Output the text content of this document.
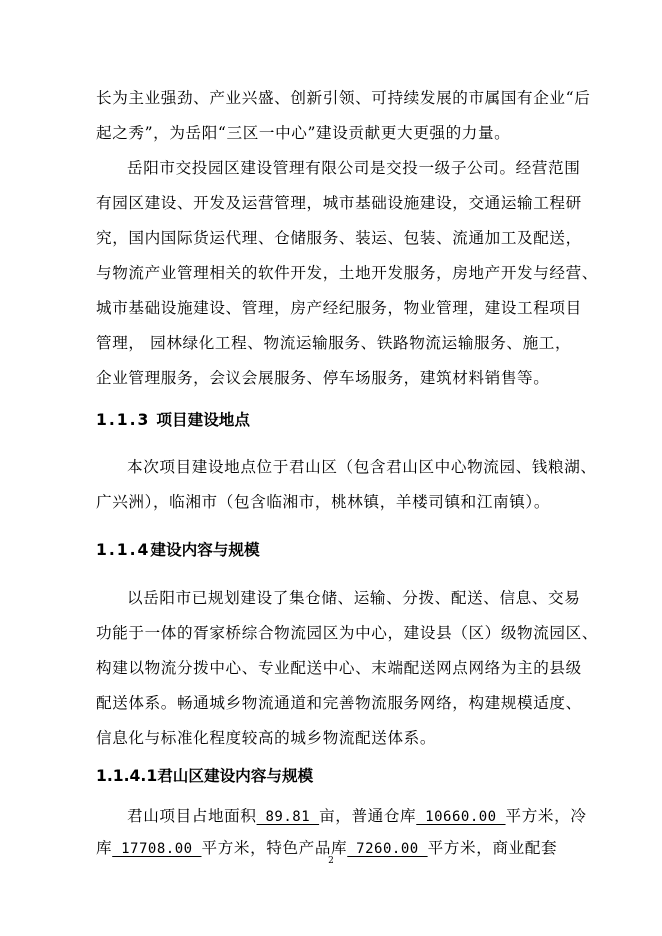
长为主业强劲、产业兴盛、创新引领、可持续发展的市属国有企业“后
起之秀”，为岳阳“三区一中心”建设贡献更大更强的力量。
岳阳市交投园区建设管理有限公司是交投一级子公司。经营范围
有园区建设、开发及运营管理，城市基础设施建设，交通运输工程研
究，国内国际货运代理、仓储服务、装运、包装、流通加工及配送，
与物流产业管理相关的软件开发，土地开发服务，房地产开发与经营、
城市基础设施建设、管理，房产经纪服务，物业管理，建设工程项目
管理， 园林绿化工程、物流运输服务、铁路物流运输服务、施工，
企业管理服务，会议会展服务、停车场服务，建筑材料销售等。
1.1.3 项目建设地点
本次项目建设地点位于君山区（包含君山区中心物流园、钱粮湖、
广兴洲），临湘市（包含临湘市，桃林镇，羊楼司镇和江南镇）。
1.1.4建设内容与规模
以岳阳市已规划建设了集仓储、运输、分拨、配送、信息、交易
功能于一体的胥家桥综合物流园区为中心，建设县（区）级物流园区、
构建以物流分拨中心、专业配送中心、末端配送网点网络为主的县级
配送体系。畅通城乡物流通道和完善物流服务网络，构建规模适度、
信息化与标准化程度较高的城乡物流配送体系。
1.1.4.1君山区建设内容与规模
君山项目占地面积 89.81 亩，普通仓库 10660.00 平方米，冷
库 17708.00 平方米，特色产品库 7260.00 平方米，商业配套
2
